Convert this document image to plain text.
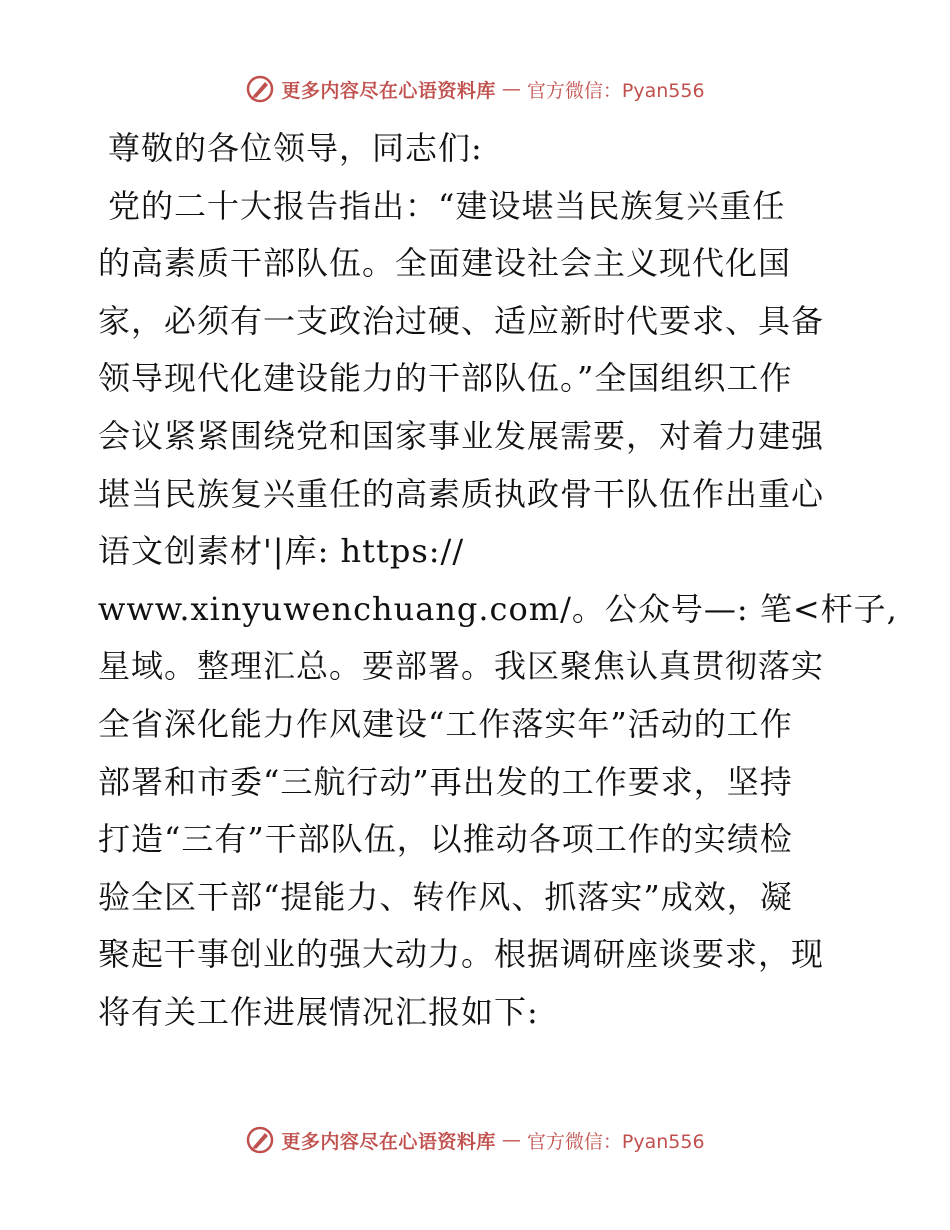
更多内容尽在心语资料库 — 官方微信：Pyan556
尊敬的各位领导，同志们:
党的二十大报告指出：“建设堪当民族复兴重任
的高素质干部队伍。全面建设社会主义现代化国
家，必须有一支政治过硬、适应新时代要求、具备
领导现代化建设能力的干部队伍。”全国组织工作
会议紧紧围绕党和国家事业发展需要，对着力建强
堪当民族复兴重任的高素质执政骨干队伍作出重心
语文创素材'|库: https://
www.xinyuwenchuang.com/。公众号—: 笔<杆子,
星域。整理汇总。要部署。我区聚焦认真贯彻落实
全省深化能力作风建设“工作落实年”活动的工作
部署和市委“三航行动”再出发的工作要求，坚持
打造“三有”干部队伍，以推动各项工作的实绩检
验全区干部“提能力、转作风、抓落实”成效，凝
聚起干事创业的强大动力。根据调研座谈要求，现
将有关工作进展情况汇报如下:
更多内容尽在心语资料库 — 官方微信：Pyan556
